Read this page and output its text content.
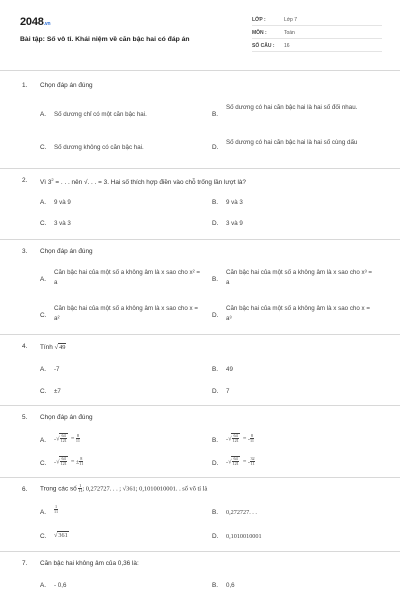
2048.vn
Bài tập: Số vô tỉ. Khái niệm về căn bậc hai có đáp án
LỚP :	Lớp 7
MÔN :	Toán
SỐ CÂU : 16
1. Chọn đáp án đúng
A. Số dương chỉ có một căn bậc hai.	B.
Số dương có hai căn bậc hai là hai số đối nhau.
C. Số dương không có căn bậc hai.	D.
Số dương có hai căn bậc hai là hai số cùng dấu
2. Vì $3^2$ = . . . nên √. . . = 3. Hai số thích hợp điền vào chỗ trống lần lượt là?
A. 9 và 9	B. 9 và 3
C. 3 và 3	D. 3 và 9
3. Chọn đáp án đúng
A.
Căn bậc hai của một số a không âm là x sao cho x² = a	B.
Căn bậc hai của một số a không âm là x sao cho x³ = a
C.
Căn bậc hai của một số a không âm là x sao cho x = a²	D.
Căn bậc hai của một số a không âm là x sao cho x = a³
4. Tính √49
A. -7	B. 49
C. ±7	D. 7
5. Chọn đáp án đúng
A. -√ $\frac{64}{121} = \frac{8}{11}$	B. -√ $\frac{64}{121}$ = - $\frac{8}{11}$
C. -√ $\frac{64}{121}$ = ± $\frac{8}{11}$	D. -√ $\frac{64}{121}$ = - $\frac{32}{11}$
6. Trong các số $\frac{1}{11}$ ; 0,272727. . . ; √361; 0,1010010001. . số vô tỉ là
A. $\frac{1}{11}$	B. 0,272727. . .
C. √361	D. 0,1010010001
7. Căn bậc hai không âm của 0,36 là:
A. - 0,6	B. 0,6
